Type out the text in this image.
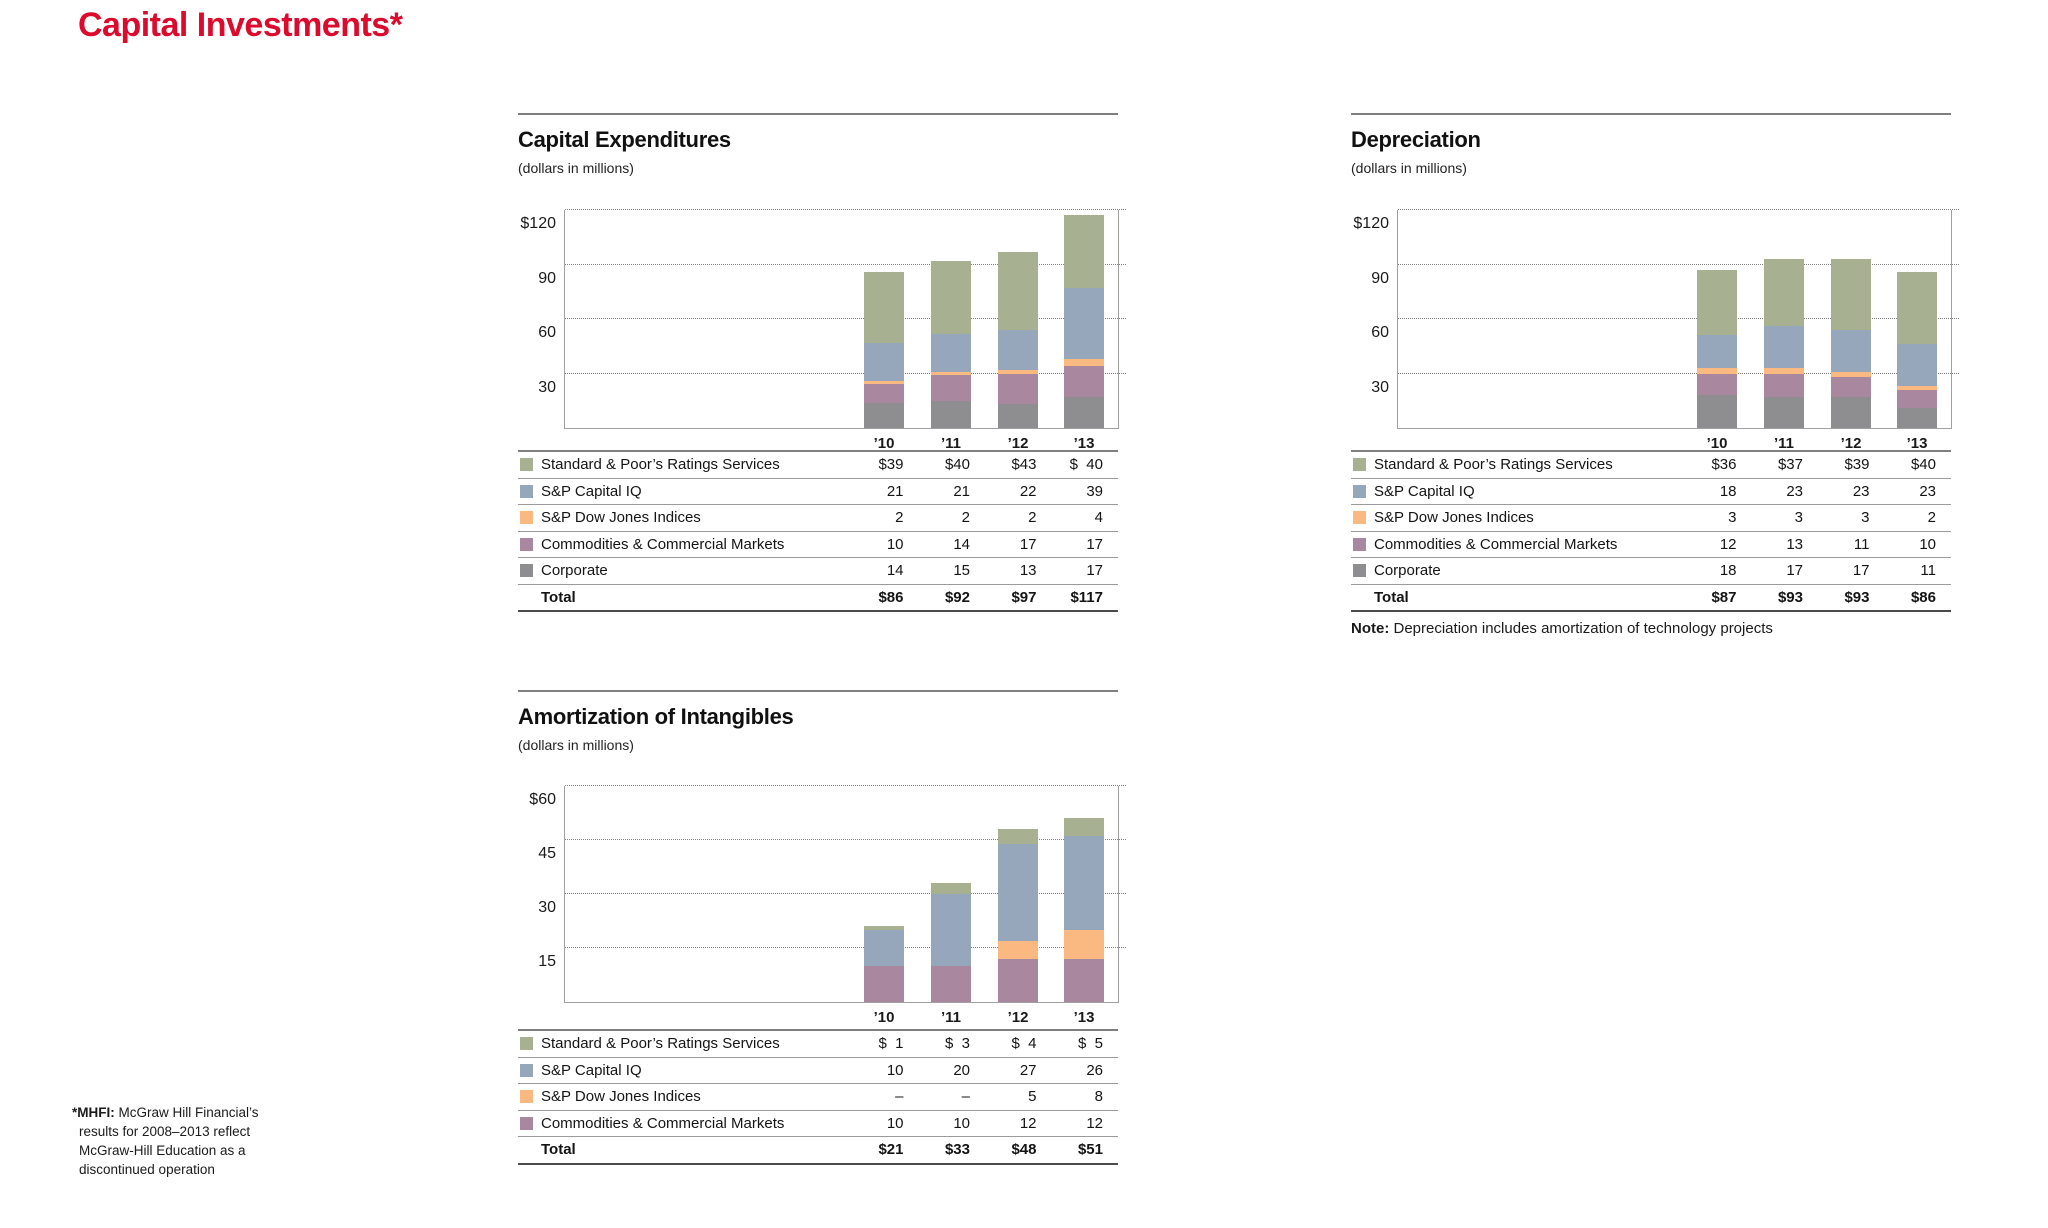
Capital Investments*
Capital Expenditures
(dollars in millions)
Standard & Poor’s Ratings Services	$39	$40	$43	$  40
S&P Capital IQ	21	21	22	39
S&P Dow Jones Indices	2	2	2	4
Commodities & Commercial Markets	10	14	17	17
Corporate	14	15	13	17
Total	$86	$92	$97	$117
$120
90
60
30
’10	’11	’12	’13
Depreciation
(dollars in millions)
Standard & Poor’s Ratings Services	$36	$37	$39	$40
S&P Capital IQ	18	23	23	23
S&P Dow Jones Indices	3	3	3	2
Commodities & Commercial Markets	12	13	11	10
Corporate	18	17	17	11
Total	$87	$93	$93	$86
Note: Depreciation includes amortization of technology projects
$120
90
60
30
’10	’11	’12	’13
Amortization of Intangibles
(dollars in millions)
Standard & Poor’s Ratings Services	$  1	$  3	$  4	$  5
S&P Capital IQ	10	20	27	26
S&P Dow Jones Indices	–	–	5	8
Commodities & Commercial Markets	10	10	12	12
Total	$21	$33	$48	$51
$60
45
30
15
’10	’11	’12	’13
*MHFI: McGraw Hill Financial’s results for 2008–2013 reflect McGraw-Hill Education as a discontinued operation
